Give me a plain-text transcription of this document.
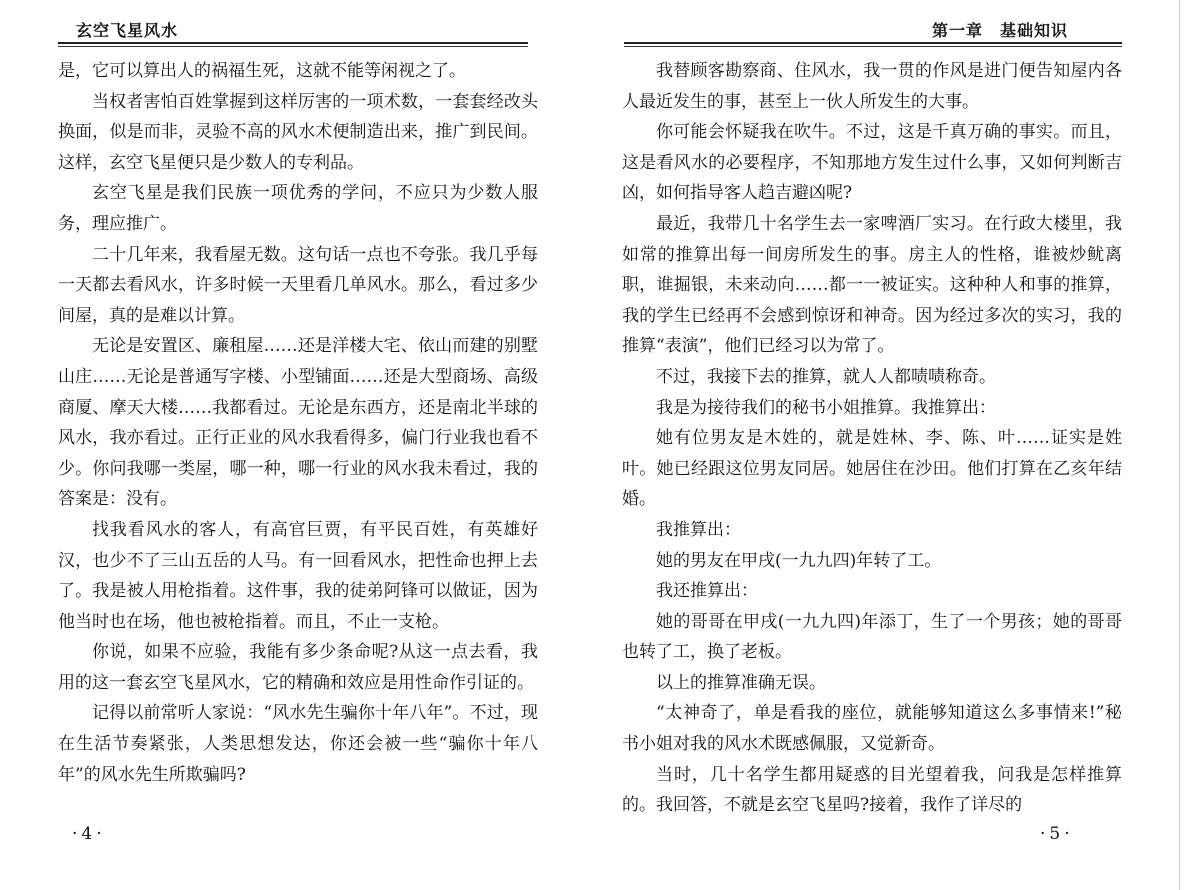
玄空飞星风水

是，它可以算出人的祸福生死，这就不能等闲视之了。

当权者害怕百姓掌握到这样厉害的一项术数，一套套经改头换面，似是而非，灵验不高的风水术便制造出来，推广到民间。这样，玄空飞星便只是少数人的专利品。

玄空飞星是我们民族一项优秀的学问，不应只为少数人服务，理应推广。

二十几年来，我看屋无数。这句话一点也不夸张。我几乎每一天都去看风水，许多时候一天里看几单风水。那么，看过多少间屋，真的是难以计算。

无论是安置区、廉租屋……还是洋楼大宅、依山而建的别墅山庄……无论是普通写字楼、小型铺面……还是大型商场、高级商厦、摩天大楼……我都看过。无论是东西方，还是南北半球的风水，我亦看过。正行正业的风水我看得多，偏门行业我也看不少。你问我哪一类屋，哪一种，哪一行业的风水我未看过，我的答案是：没有。

找我看风水的客人，有高官巨贾，有平民百姓，有英雄好汉，也少不了三山五岳的人马。有一回看风水，把性命也押上去了。我是被人用枪指着。这件事，我的徒弟阿锋可以做证，因为他当时也在场，他也被枪指着。而且，不止一支枪。

你说，如果不应验，我能有多少条命呢?从这一点去看，我用的这一套玄空飞星风水，它的精确和效应是用性命作引证的。

记得以前常听人家说：“风水先生骗你十年八年”。不过，现在生活节奏紧张，人类思想发达，你还会被一些“骗你十年八年”的风水先生所欺骗吗?

·4·
第一章　基础知识

我替顾客勘察商、住风水，我一贯的作风是进门便告知屋内各人最近发生的事，甚至上一伙人所发生的大事。

你可能会怀疑我在吹牛。不过，这是千真万确的事实。而且，这是看风水的必要程序，不知那地方发生过什么事，又如何判断吉凶，如何指导客人趋吉避凶呢?

最近，我带几十名学生去一家啤酒厂实习。在行政大楼里，我如常的推算出每一间房所发生的事。房主人的性格，谁被炒鱿离职，谁掘银，未来动向……都一一被证实。这种种人和事的推算，我的学生已经再不会感到惊讶和神奇。因为经过多次的实习，我的推算“表演”，他们已经习以为常了。

不过，我接下去的推算，就人人都啧啧称奇。

我是为接待我们的秘书小姐推算。我推算出：

她有位男友是木姓的，就是姓林、李、陈、叶……证实是姓叶。她已经跟这位男友同居。她居住在沙田。他们打算在乙亥年结婚。

我推算出：

她的男友在甲戌(一九九四)年转了工。

我还推算出：

她的哥哥在甲戌(一九九四)年添丁，生了一个男孩；她的哥哥也转了工，换了老板。

以上的推算准确无误。

“太神奇了，单是看我的座位，就能够知道这么多事情来!”秘书小姐对我的风水术既感佩服，又觉新奇。

当时，几十名学生都用疑惑的目光望着我，问我是怎样推算的。我回答，不就是玄空飞星吗?接着，我作了详尽的

·5·
